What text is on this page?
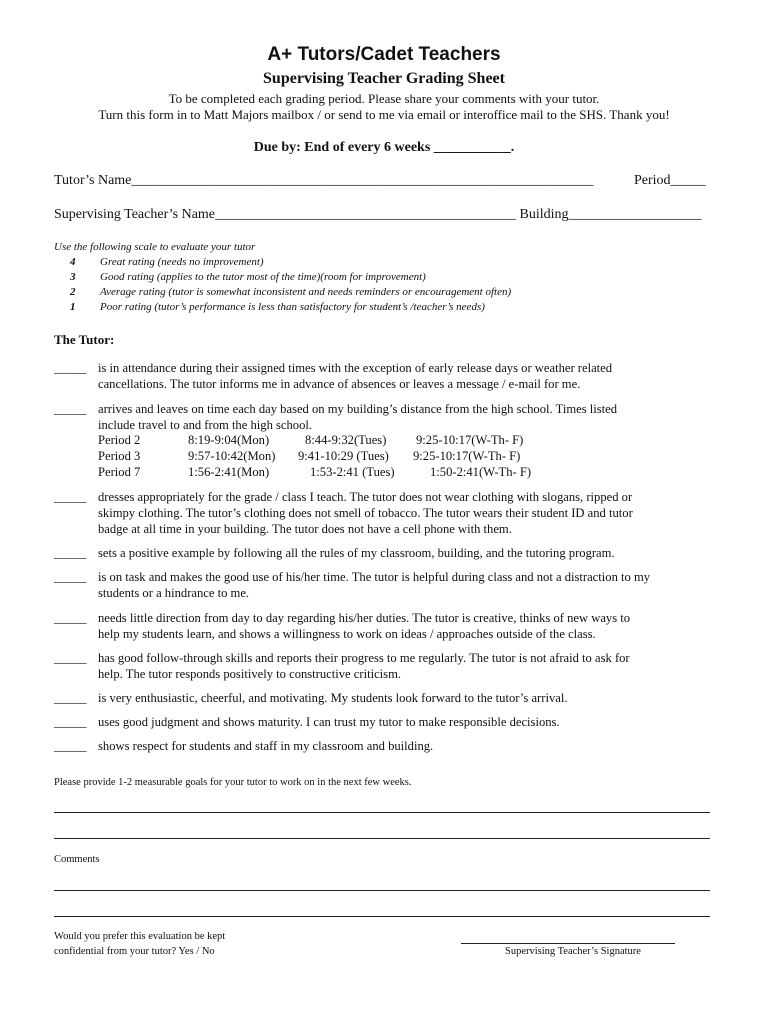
A+ Tutors/Cadet Teachers
Supervising Teacher Grading Sheet
To be completed each grading period. Please share your comments with your tutor.
Turn this form in to Matt Majors mailbox / or send to me via email or interoffice mail to the SHS. Thank you!
Due by: End of every 6 weeks ___________.
Tutor’s Name__________________________________________________________________	Period_____
Supervising Teacher’s Name___________________________________________ Building___________________
Use the following scale to evaluate your tutor
4 Great rating (needs no improvement)
3 Good rating (applies to the tutor most of the time)(room for improvement)
2 Average rating (tutor is somewhat inconsistent and needs reminders or encouragement often)
1 Poor rating (tutor’s performance is less than satisfactory for student’s /teacher’s needs)
The Tutor:
_____ is in attendance during their assigned times with the exception of early release days or weather related
cancellations. The tutor informs me in advance of absences or leaves a message / e-mail for me.
_____ arrives and leaves on time each day based on my building’s distance from the high school. Times listed
include travel to and from the high school.
Period 2	8:19-9:04(Mon)	8:44-9:32(Tues) 9:25-10:17(W-Th- F)
Period 3	9:57-10:42(Mon) 9:41-10:29 (Tues) 9:25-10:17(W-Th- F)
Period 7	1:56-2:41(Mon)	1:53-2:41 (Tues)	1:50-2:41(W-Th- F)
_____ dresses appropriately for the grade / class I teach. The tutor does not wear clothing with slogans, ripped or
skimpy clothing. The tutor’s clothing does not smell of tobacco. The tutor wears their student ID and tutor
badge at all time in your building. The tutor does not have a cell phone with them.
_____ sets a positive example by following all the rules of my classroom, building, and the tutoring program.
_____ is on task and makes the good use of his/her time. The tutor is helpful during class and not a distraction to my
students or a hindrance to me.
_____ needs little direction from day to day regarding his/her duties. The tutor is creative, thinks of new ways to
help my students learn, and shows a willingness to work on ideas / approaches outside of the class.
_____ has good follow-through skills and reports their progress to me regularly. The tutor is not afraid to ask for
help. The tutor responds positively to constructive criticism.
_____ is very enthusiastic, cheerful, and motivating. My students look forward to the tutor’s arrival.
_____ uses good judgment and shows maturity. I can trust my tutor to make responsible decisions.
_____ shows respect for students and staff in my classroom and building.
Please provide 1-2 measurable goals for your tutor to work on in the next few weeks.
Comments
Would you prefer this evaluation be kept
confidential from your tutor? Yes / No	Supervising Teacher’s Signature
